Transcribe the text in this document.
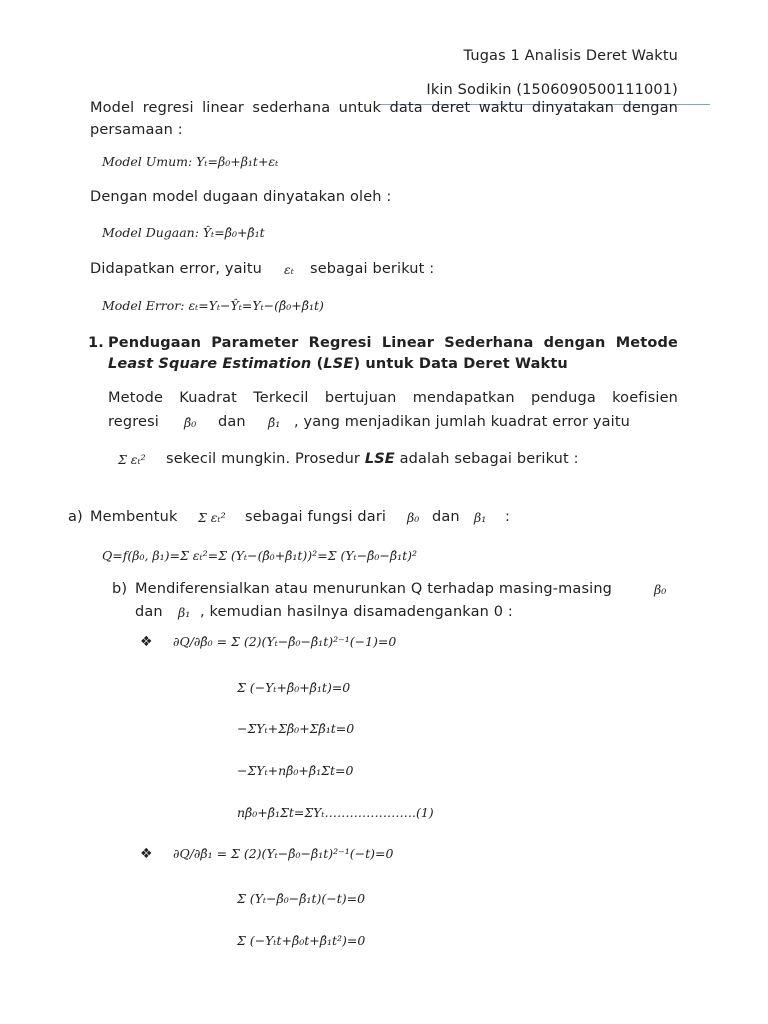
Tugas 1 Analisis Deret Waktu
Ikin Sodikin (150609050011100​1)
Model regresi linear sederhana untuk data deret waktu dinyatakan dengan
persamaan :
Model Umum: Yₜ=β₀+β₁t+εₜ
Dengan model dugaan dinyatakan oleh :
Model Dugaan: Ŷₜ=β̂₀+β̂₁t
Didapatkan error, yaitu εₜ sebagai berikut :
Model Error: εₜ=Yₜ−Ŷₜ=Yₜ−(β̂₀+β̂₁t)
1. Pendugaan Parameter Regresi Linear Sederhana dengan Metode
Least Square Estimation (LSE) untuk Data Deret Waktu
Metode Kuadrat Terkecil bertujuan mendapatkan penduga koefisien
regresi β̂₀ dan β̂₁ , yang menjadikan jumlah kuadrat error yaitu
Σ εₜ² sekecil mungkin. Prosedur LSE adalah sebagai berikut :
a) Membentuk Σ εₜ² sebagai fungsi dari β₀ dan β₁ :
Q=f(β₀, β₁)=Σ εₜ²=Σ (Yₜ−(β̂₀+β̂₁t))²=Σ (Yₜ−β̂₀−β̂₁t)²
b) Mendiferensialkan atau menurunkan Q terhadap masing-masing	β₀
dan β₁ , kemudian hasilnya disamadenganka​n 0 :
❖ ∂Q/∂β̂₀ = Σ (2)(Yₜ−β̂₀−β̂₁t)²⁻¹(−1)=0
Σ (−Yₜ+β̂₀+β̂₁t)=0
−ΣYₜ+Σβ̂₀+Σβ̂₁t=0
−ΣYₜ+nβ̂₀+β̂₁Σt=0
nβ̂₀+β̂₁Σt=ΣYₜ………………….(1)
❖ ∂Q/∂β̂₁ = Σ (2)(Yₜ−β̂₀−β̂₁t)²⁻¹(−t)=0
Σ (Yₜ−β̂₀−β̂₁t)(−t)=0
Σ (−Yₜt+β̂₀t+β̂₁t²)=0
